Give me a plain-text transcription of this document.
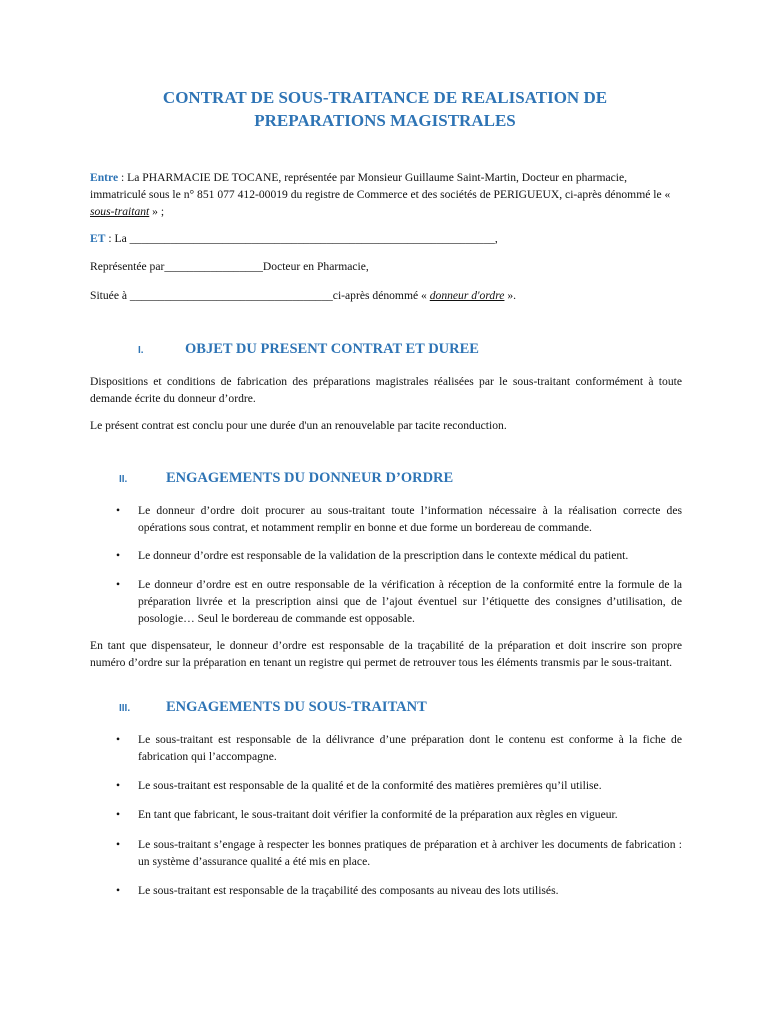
CONTRAT DE SOUS-TRAITANCE DE REALISATION DE
PREPARATIONS MAGISTRALES

Entre : La PHARMACIE DE TOCANE, représentée par Monsieur Guillaume Saint-Martin, Docteur en pharmacie, immatriculé sous le n° 851 077 412-00019 du registre de Commerce et des sociétés de PERIGUEUX, ci-après dénommé le « sous-traitant » ;

ET : La _______________________________________________________________,

Représentée par_________________Docteur en Pharmacie,

Située à ___________________________________ci-après dénommé « donneur d'ordre ».

I.	OBJET DU PRESENT CONTRAT ET DUREE

Dispositions et conditions de fabrication des préparations magistrales réalisées par le sous-traitant conformément à toute demande écrite du donneur d’ordre.

Le présent contrat est conclu pour une durée d'un an renouvelable par tacite reconduction.

II.	ENGAGEMENTS DU DONNEUR D’ORDRE
• Le donneur d’ordre doit procurer au sous-traitant toute l’information nécessaire à la réalisation correcte des opérations sous contrat, et notamment remplir en bonne et due forme un bordereau de commande.
• Le donneur d’ordre est responsable de la validation de la prescription dans le contexte médical du patient.
• Le donneur d’ordre est en outre responsable de la vérification à réception de la conformité entre la formule de la préparation livrée et la prescription ainsi que de l’ajout éventuel sur l’étiquette des consignes d’utilisation, de posologie… Seul le bordereau de commande est opposable.

En tant que dispensateur, le donneur d’ordre est responsable de la traçabilité de la préparation et doit inscrire son propre numéro d’ordre sur la préparation en tenant un registre qui permet de retrouver tous les éléments transmis par le sous-traitant.

III. ENGAGEMENTS DU SOUS-TRAITANT
• Le sous-traitant est responsable de la délivrance d’une préparation dont le contenu est conforme à la fiche de fabrication qui l’accompagne.
• Le sous-traitant est responsable de la qualité et de la conformité des matières premières qu’il utilise.
• En tant que fabricant, le sous-traitant doit vérifier la conformité de la préparation aux règles en vigueur.
• Le sous-traitant s’engage à respecter les bonnes pratiques de préparation et à archiver les documents de fabrication : un système d’assurance qualité a été mis en place.
• Le sous-traitant est responsable de la traçabilité des composants au niveau des lots utilisés.
